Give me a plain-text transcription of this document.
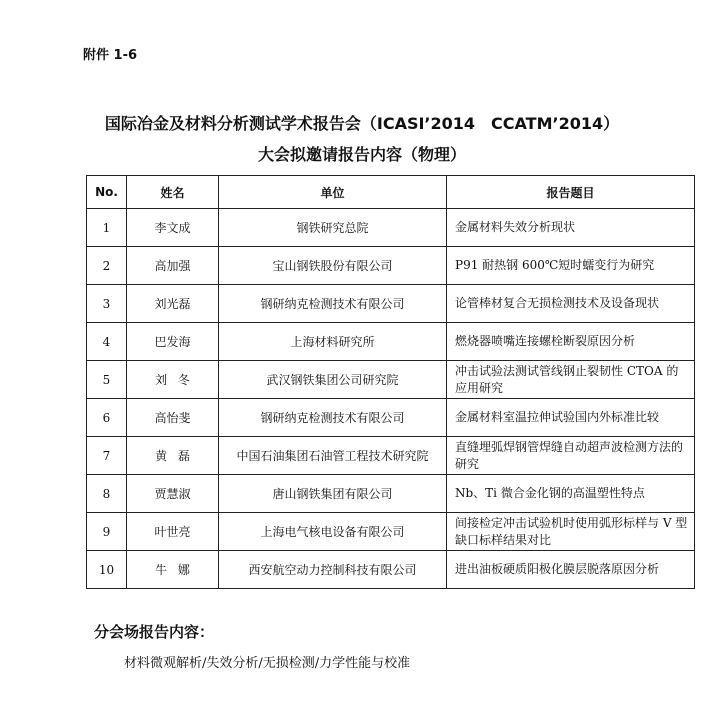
附件 1-6
国际冶金及材料分析测试学术报告会（ICASI’2014　CCATM’2014）
大会拟邀请报告内容（物理）
No.	姓名	单位	报告题目
1	李文成	钢铁研究总院	金属材料失效分析现状
2	高加强	宝山钢铁股份有限公司	P91 耐热钢 600℃短时蠕变行为研究
3	刘光磊	钢研纳克检测技术有限公司	论管棒材复合无损检测技术及设备现状
4	巴发海	上海材料研究所	燃烧器喷嘴连接螺栓断裂原因分析
5	刘冬	武汉钢铁集团公司研究院	冲击试验法测试管线钢止裂韧性 CTOA 的应用研究
6	高怡斐	钢研纳克检测技术有限公司	金属材料室温拉伸试验国内外标准比较
7	黄磊	中国石油集团石油管工程技术研究院	直缝埋弧焊钢管焊缝自动超声波检测方法的研究
8	贾慧淑	唐山钢铁集团有限公司	Nb、Ti 微合金化钢的高温塑性特点
9	叶世亮	上海电气核电设备有限公司	间接检定冲击试验机时使用弧形标样与 V 型缺口标样结果对比
10	牛娜	西安航空动力控制科技有限公司	进出油板硬质阳极化膜层脱落原因分析
分会场报告内容：
材料微观解析/失效分析/无损检测/力学性能与校准
